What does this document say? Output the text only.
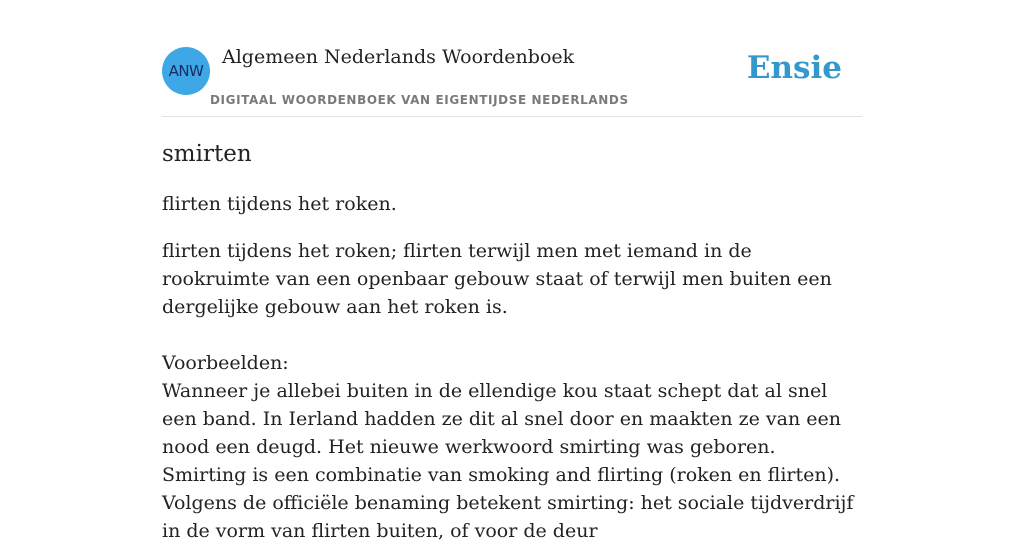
ANW
Algemeen Nederlands Woordenboek
DIGITAAL WOORDENBOEK VAN EIGENTIJDSE NEDERLANDS
Ensie
smirten

flirten tijdens het roken.

flirten tijdens het roken; flirten terwijl men met iemand in de rookruimte van een openbaar gebouw staat of terwijl men buiten een dergelijke gebouw aan het roken is.
Voorbeelden:
Wanneer je allebei buiten in de ellendige kou staat schept dat al snel een band. In Ierland hadden ze dit al snel door en maakten ze van een nood een deugd. Het nieuwe werkwoord smirting was geboren. Smirting is een combinatie van smoking and flirting (roken en flirten). Volgens de officiële benaming betekent smirting: het sociale tijdverdrijf in de vorm van flirten buiten, of voor de deur
